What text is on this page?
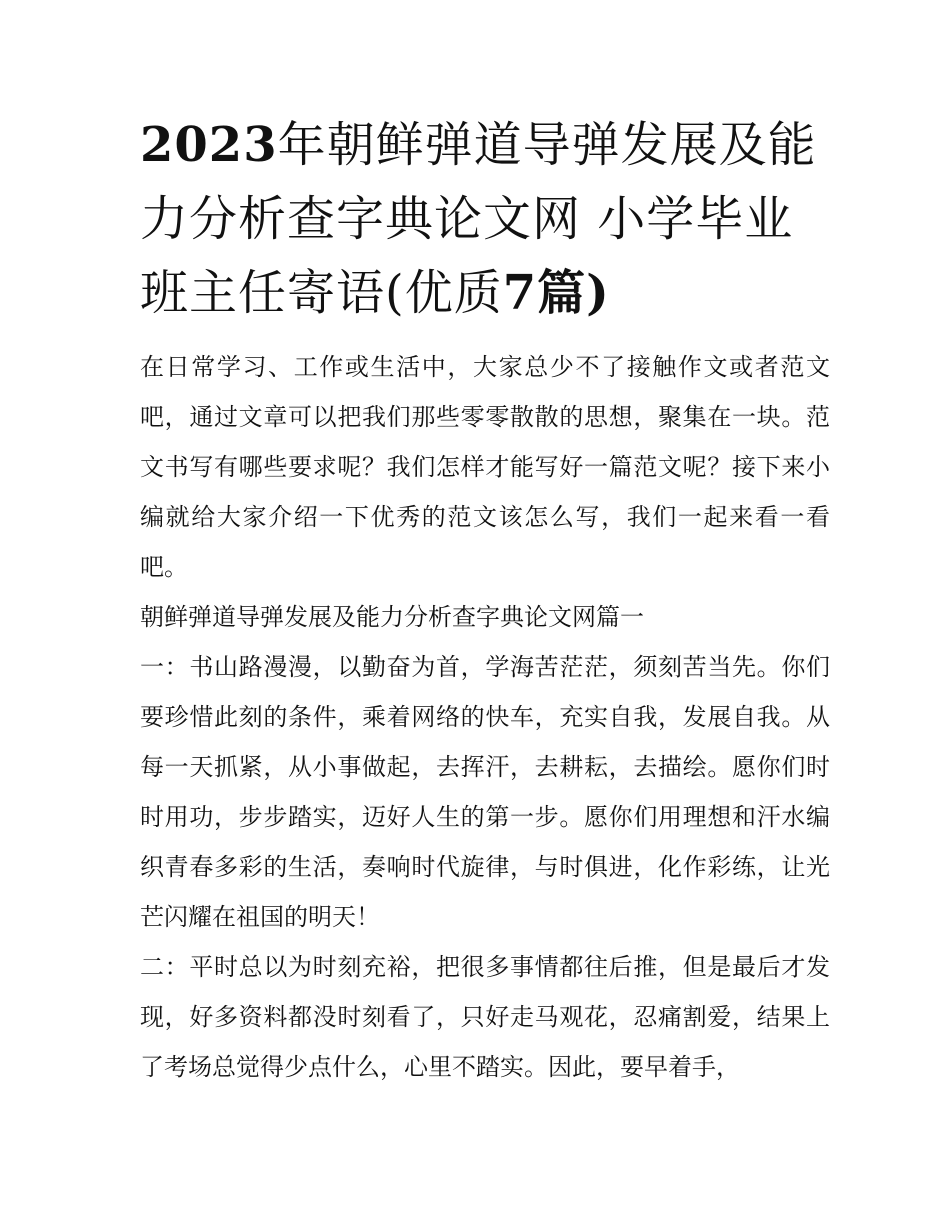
2023年朝鲜弹道导弹发展及能力分析查字典论文网 小学毕业班主任寄语(优质7篇)

在日常学习、工作或生活中，大家总少不了接触作文或者范文吧，通过文章可以把我们那些零零散散的思想，聚集在一块。范文书写有哪些要求呢？我们怎样才能写好一篇范文呢？接下来小编就给大家介绍一下优秀的范文该怎么写，我们一起来看一看吧。

朝鲜弹道导弹发展及能力分析查字典论文网篇一

一：书山路漫漫，以勤奋为首，学海苦茫茫，须刻苦当先。你们要珍惜此刻的条件，乘着网络的快车，充实自我，发展自我。从每一天抓紧，从小事做起，去挥汗，去耕耘，去描绘。愿你们时时用功，步步踏实，迈好人生的第一步。愿你们用理想和汗水编织青春多彩的生活，奏响时代旋律，与时俱进，化作彩练，让光芒闪耀在祖国的明天！

二：平时总以为时刻充裕，把很多事情都往后推，但是最后才发现，好多资料都没时刻看了，只好走马观花，忍痛割爱，结果上了考场总觉得少点什么，心里不踏实。因此，要早着手，
